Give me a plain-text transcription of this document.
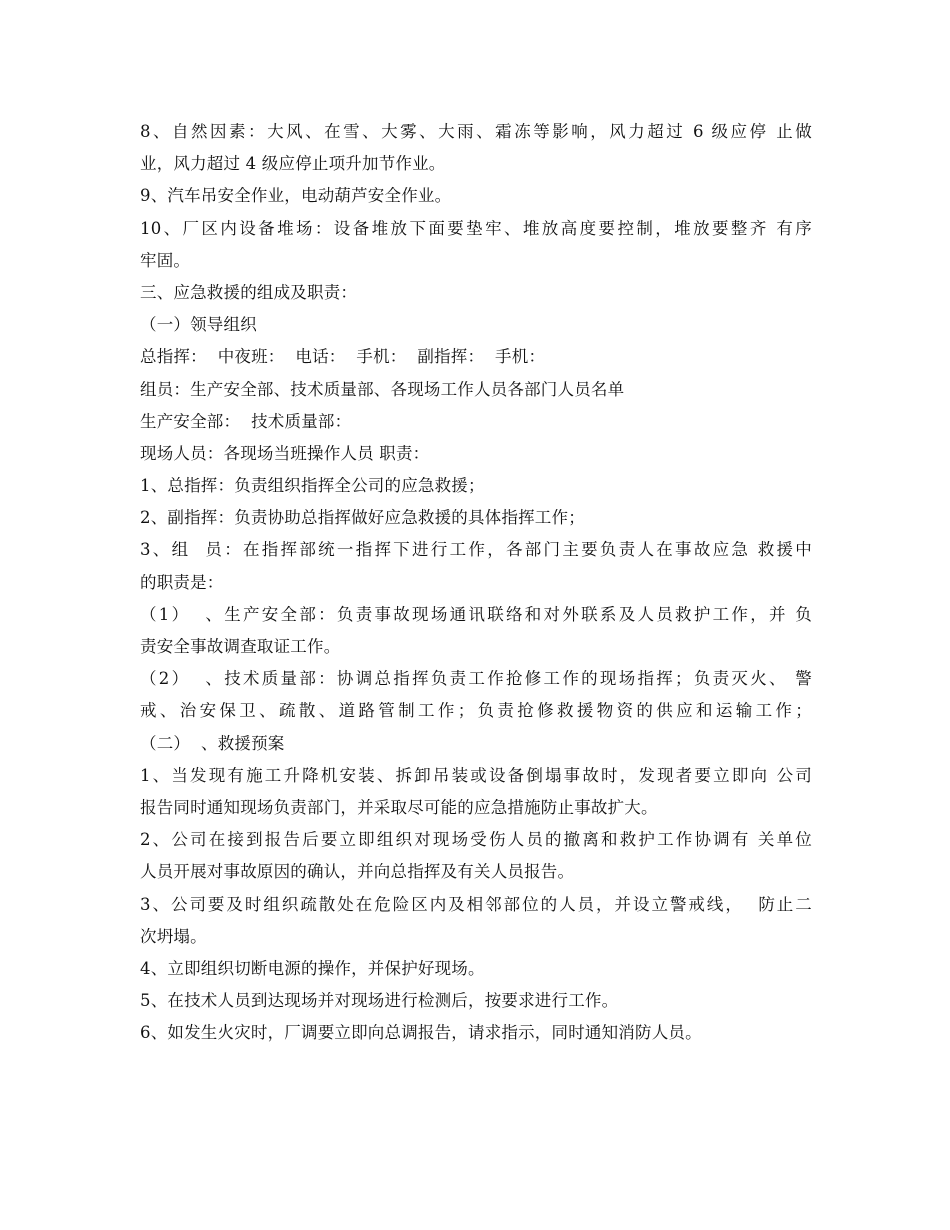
8、自然因素：大风、在雪、大雾、大雨、霜冻等影响，风力超过 6 级应停 止做
业，风力超过 4 级应停止项升加节作业。
9、汽车吊安全作业，电动葫芦安全作业。
10、厂区内设备堆场：设备堆放下面要垫牢、堆放高度要控制，堆放要整齐 有序
牢固。
三、应急救援的组成及职责：
（一）领导组织
总指挥：  中夜班：  电话：  手机：  副指挥：  手机：
组员：生产安全部、技术质量部、各现场工作人员各部门人员名单
生产安全部：  技术质量部：
现场人员：各现场当班操作人员 职责：
1、总指挥：负责组织指挥全公司的应急救援；
2、副指挥：负责协助总指挥做好应急救援的具体指挥工作；
3、组  员：在指挥部统一指挥下进行工作，各部门主要负责人在事故应急 救援中
的职责是：
（1）  、生产安全部：负责事故现场通讯联络和对外联系及人员救护工作，并 负
责安全事故调查取证工作。
（2）  、技术质量部：协调总指挥负责工作抢修工作的现场指挥；负责灭火、 警
戒、治安保卫、疏散、道路管制工作；负责抢修救援物资的供应和运输工作；
（二）  、救援预案
1、当发现有施工升降机安装、拆卸吊装或设备倒塌事故时，发现者要立即向 公司
报告同时通知现场负责部门，并采取尽可能的应急措施防止事故扩大。
2、公司在接到报告后要立即组织对现场受伤人员的撤离和救护工作协调有 关单位
人员开展对事故原因的确认，并向总指挥及有关人员报告。
3、公司要及时组织疏散处在危险区内及相邻部位的人员，并设立警戒线，  防止二
次坍塌。
4、立即组织切断电源的操作，并保护好现场。
5、在技术人员到达现场并对现场进行检测后，按要求进行工作。
6、如发生火灾时，厂调要立即向总调报告，请求指示，同时通知消防人员。
